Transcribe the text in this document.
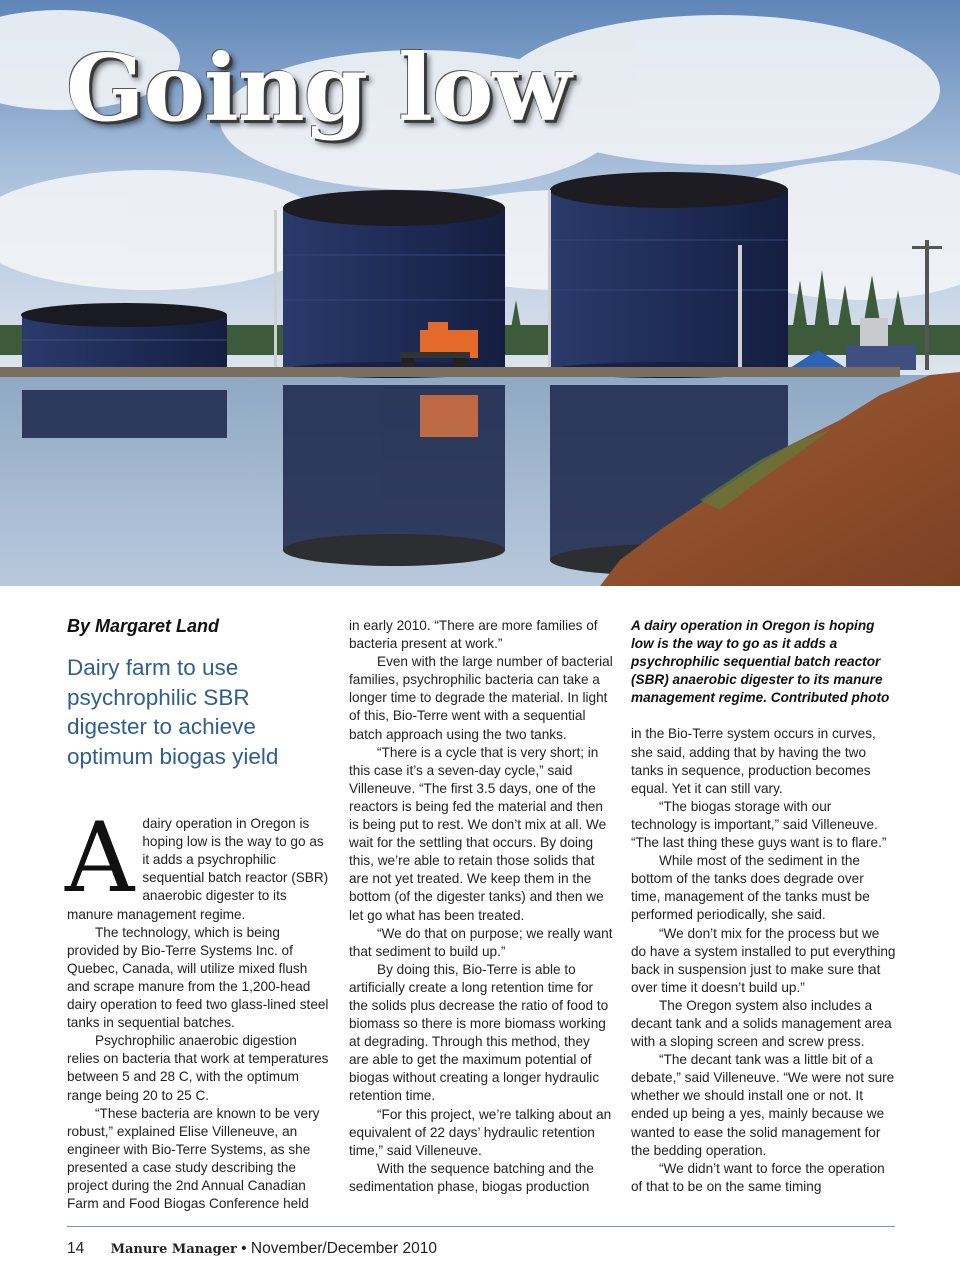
Going low

By Margaret Land

Dairy farm to use psychrophilic SBR digester to achieve optimum biogas yield

Adairy operation in Oregon is hoping low is the way to go as it adds a psychrophilic sequential batch reactor (SBR) anaerobic digester to its manure management regime.

The technology, which is being provided by Bio-Terre Systems Inc. of Quebec, Canada, will utilize mixed flush and scrape manure from the 1,200-head dairy operation to feed two glass-lined steel tanks in sequential batches.

Psychrophilic anaerobic digestion relies on bacteria that work at temperatures between 5 and 28 C, with the optimum range being 20 to 25 C.

“These bacteria are known to be very robust,” explained Elise Villeneuve, an engineer with Bio-Terre Systems, as she presented a case study describing the project during the 2nd Annual Canadian Farm and Food Biogas Conference held

in early 2010. “There are more families of bacteria present at work.”

Even with the large number of bacterial families, psychrophilic bacteria can take a longer time to degrade the material. In light of this, Bio-Terre went with a sequential batch approach using the two tanks.

“There is a cycle that is very short; in this case it’s a seven-day cycle,” said Villeneuve. “The first 3.5 days, one of the reactors is being fed the material and then is being put to rest. We don’t mix at all. We wait for the settling that occurs. By doing this, we’re able to retain those solids that are not yet treated. We keep them in the bottom (of the digester tanks) and then we let go what has been treated.

“We do that on purpose; we really want that sediment to build up.”

By doing this, Bio-Terre is able to artificially create a long retention time for the solids plus decrease the ratio of food to biomass so there is more biomass working at degrading. Through this method, they are able to get the maximum potential of biogas without creating a longer hydraulic retention time.

“For this project, we’re talking about an equivalent of 22 days’ hydraulic retention time,” said Villeneuve.

With the sequence batching and the sedimentation phase, biogas production

A dairy operation in Oregon is hoping low is the way to go as it adds a psychrophilic sequential batch reactor (SBR) anaerobic digester to its manure management regime. Contributed photo

in the Bio-Terre system occurs in curves, she said, adding that by having the two tanks in sequence, production becomes equal. Yet it can still vary.

“The biogas storage with our technology is important,” said Villeneuve. “The last thing these guys want is to flare.”

While most of the sediment in the bottom of the tanks does degrade over time, management of the tanks must be performed periodically, she said.

“We don’t mix for the process but we do have a system installed to put everything back in suspension just to make sure that over time it doesn’t build up.”

The Oregon system also includes a decant tank and a solids management area with a sloping screen and screw press.

“The decant tank was a little bit of a debate,” said Villeneuve. “We were not sure whether we should install one or not. It ended up being a yes, mainly because we wanted to ease the solid management for the bedding operation.

“We didn’t want to force the operation of that to be on the same timing

14 Manure Manager • November/December 2010
